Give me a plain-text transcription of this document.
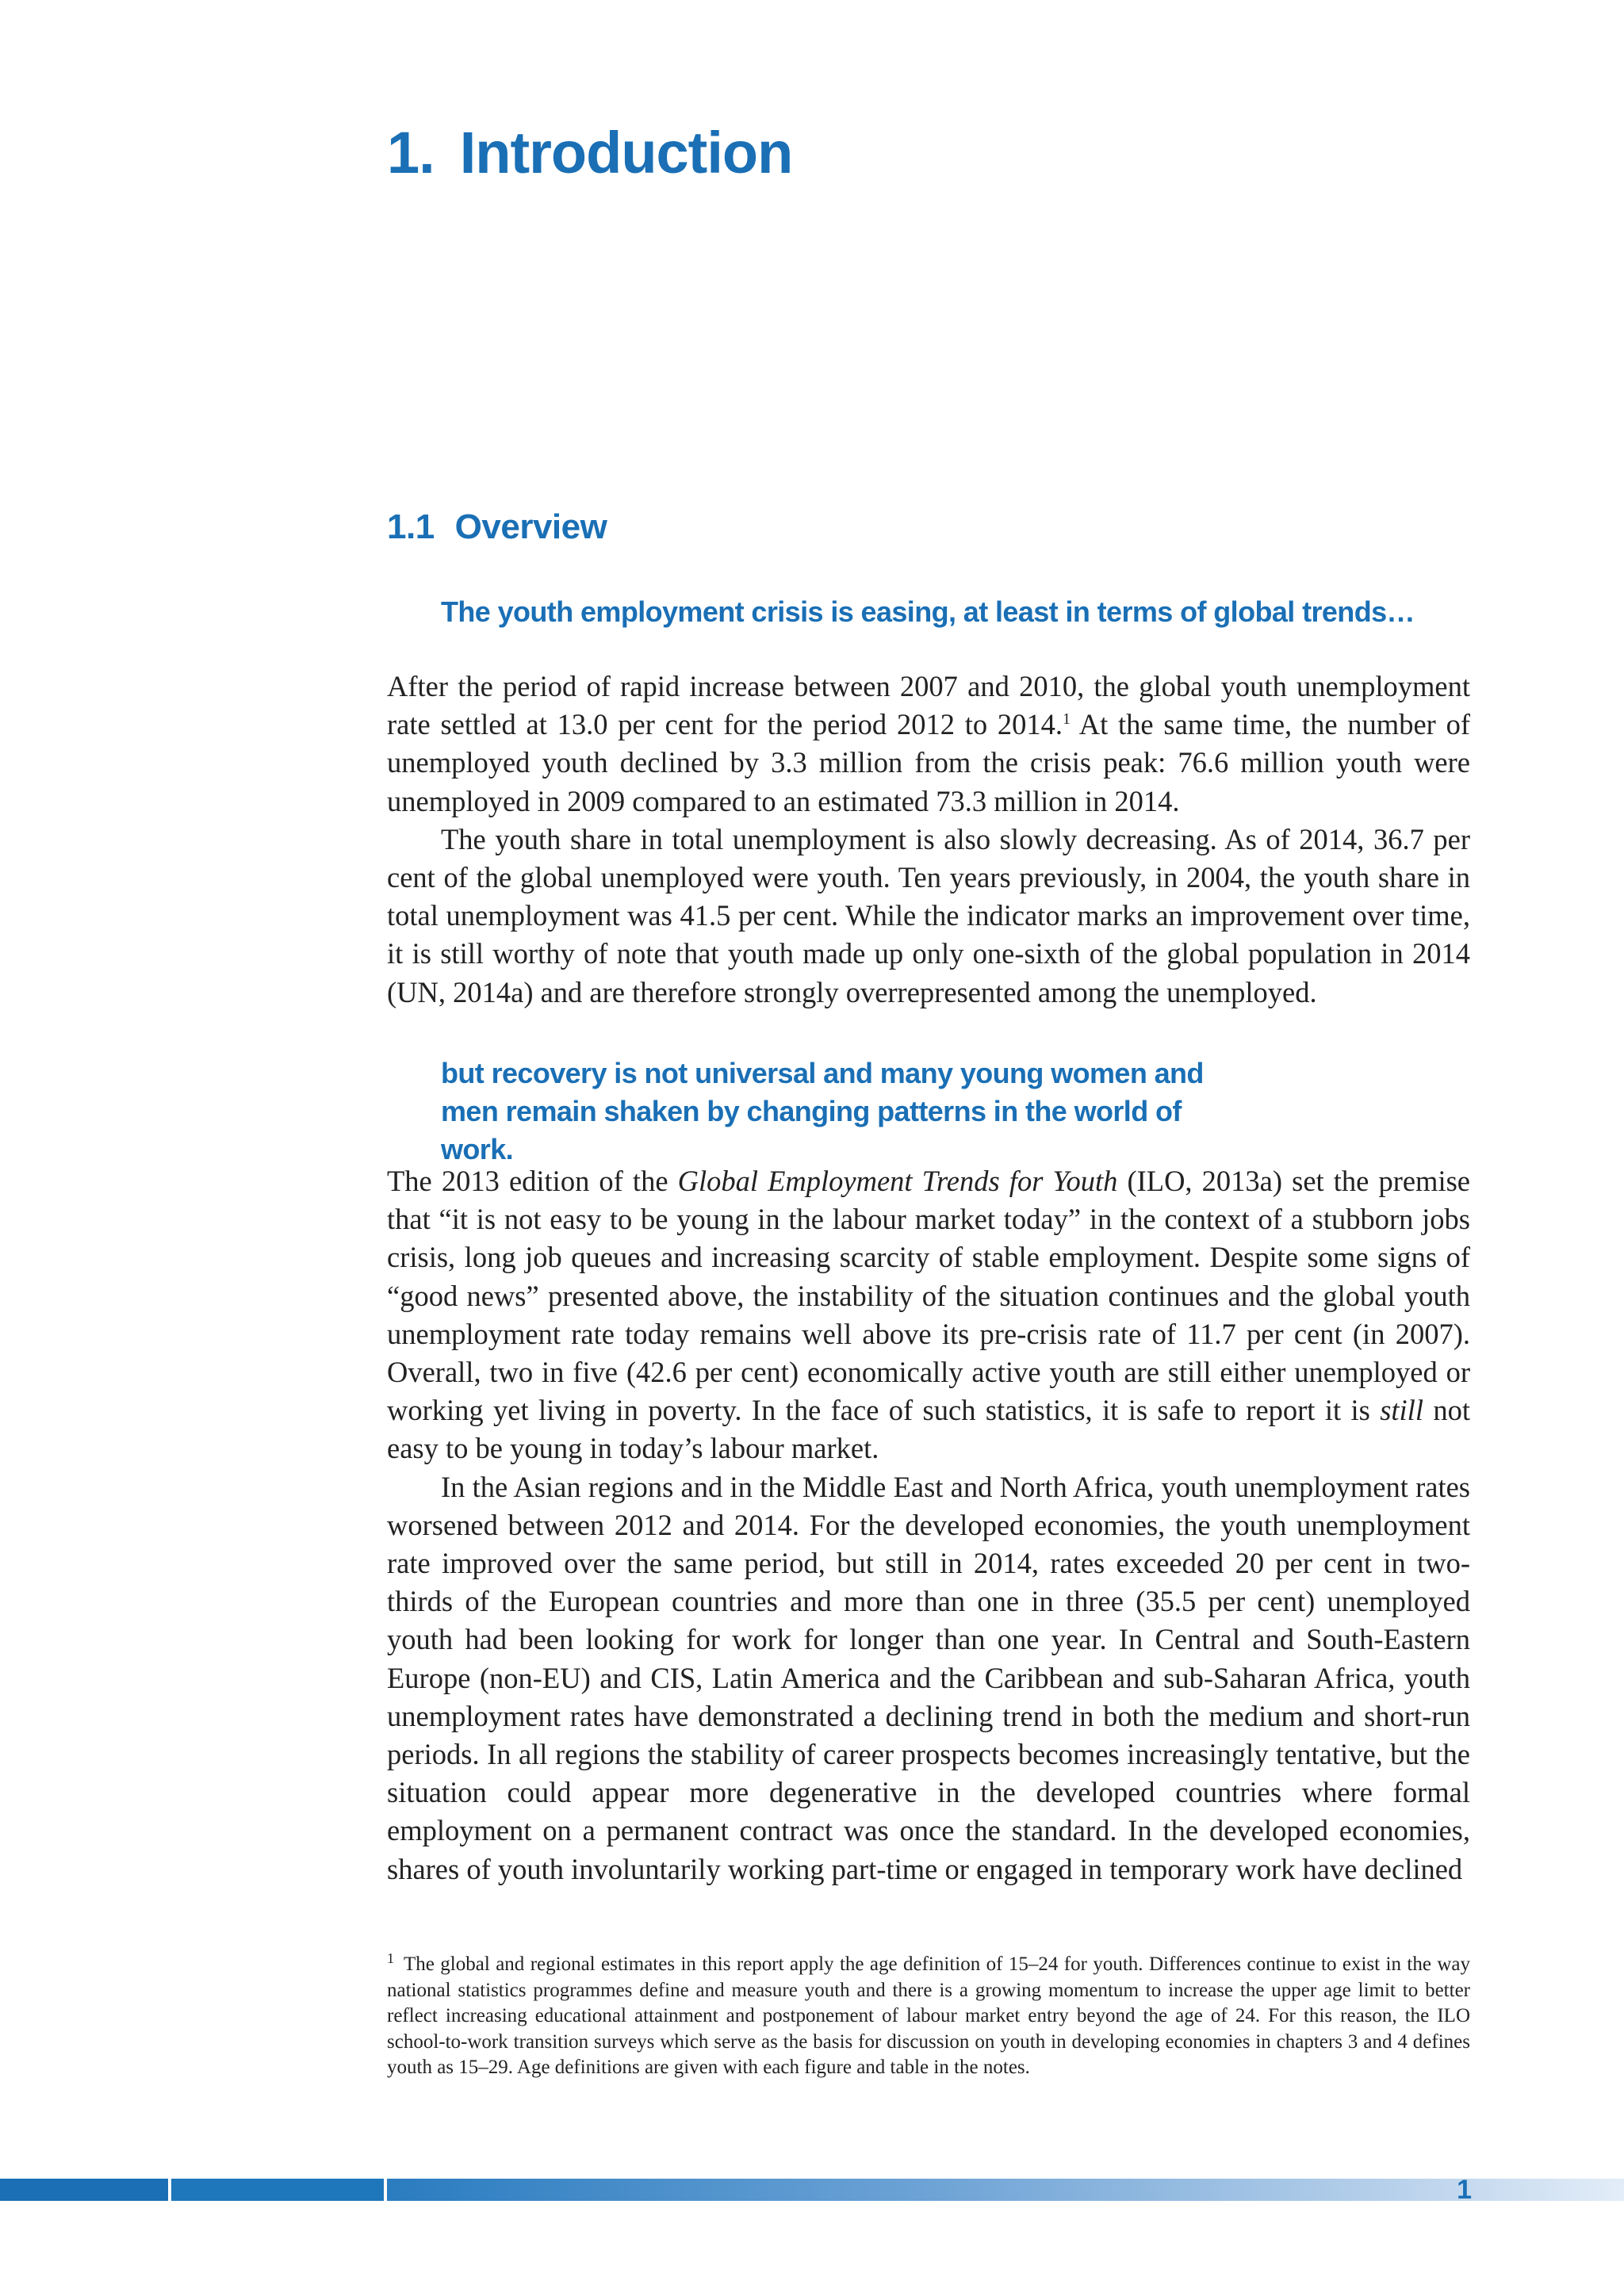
1. Introduction
1.1 Overview

The youth employment crisis is easing, at least in terms of global trends…

After the period of rapid increase between 2007 and 2010, the global youth unemployment rate settled at 13.0 per cent for the period 2012 to 2014.$^1$ At the same time, the number of unemployed youth declined by 3.3 million from the crisis peak: 76.6 million youth were unemployed in 2009 compared to an estimated 73.3 million in 2014.

The youth share in total unemployment is also slowly decreasing. As of 2014, 36.7 per cent of the global unemployed were youth. Ten years previously, in 2004, the youth share in total unemployment was 41.5 per cent. While the indicator marks an improvement over time, it is still worthy of note that youth made up only one-sixth of the global population in 2014 (UN, 2014a) and are therefore strongly overrepresented among the unemployed.

but recovery is not universal and many young women and men remain shaken by changing patterns in the world of work.

The 2013 edition of the Global Employment Trends for Youth (ILO, 2013a) set the premise that “it is not easy to be young in the labour market today” in the context of a stubborn jobs crisis, long job queues and increasing scarcity of stable employment. Despite some signs of “good news” presented above, the instability of the situation continues and the global youth unemployment rate today remains well above its pre-crisis rate of 11.7 per cent (in 2007). Overall, two in five (42.6 per cent) economically active youth are still either unemployed or working yet living in poverty. In the face of such statistics, it is safe to report it is still not easy to be young in today’s labour market.

In the Asian regions and in the Middle East and North Africa, youth unemployment rates worsened between 2012 and 2014. For the developed economies, the youth unemployment rate improved over the same period, but still in 2014, rates exceeded 20 per cent in two-thirds of the European countries and more than one in three (35.5 per cent) unemployed youth had been looking for work for longer than one year. In Central and South-Eastern Europe (non-EU) and CIS, Latin America and the Caribbean and sub-Saharan Africa, youth unemployment rates have demonstrated a declining trend in both the medium and short-run periods. In all regions the stability of career prospects becomes increasingly tentative, but the situation could appear more degenerative in the developed countries where formal employment on a permanent contract was once the standard. In the developed economies, shares of youth involuntarily working part-time or engaged in temporary work have declined

$^1$ The global and regional estimates in this report apply the age definition of 15–24 for youth. Differences continue to exist in the way national statistics programmes define and measure youth and there is a growing momentum to increase the upper age limit to better reflect increasing educational attainment and postponement of labour market entry beyond the age of 24. For this reason, the ILO school-to-work transition surveys which serve as the basis for discussion on youth in developing economies in chapters 3 and 4 defines youth as 15–29. Age definitions are given with each figure and table in the notes.

1
